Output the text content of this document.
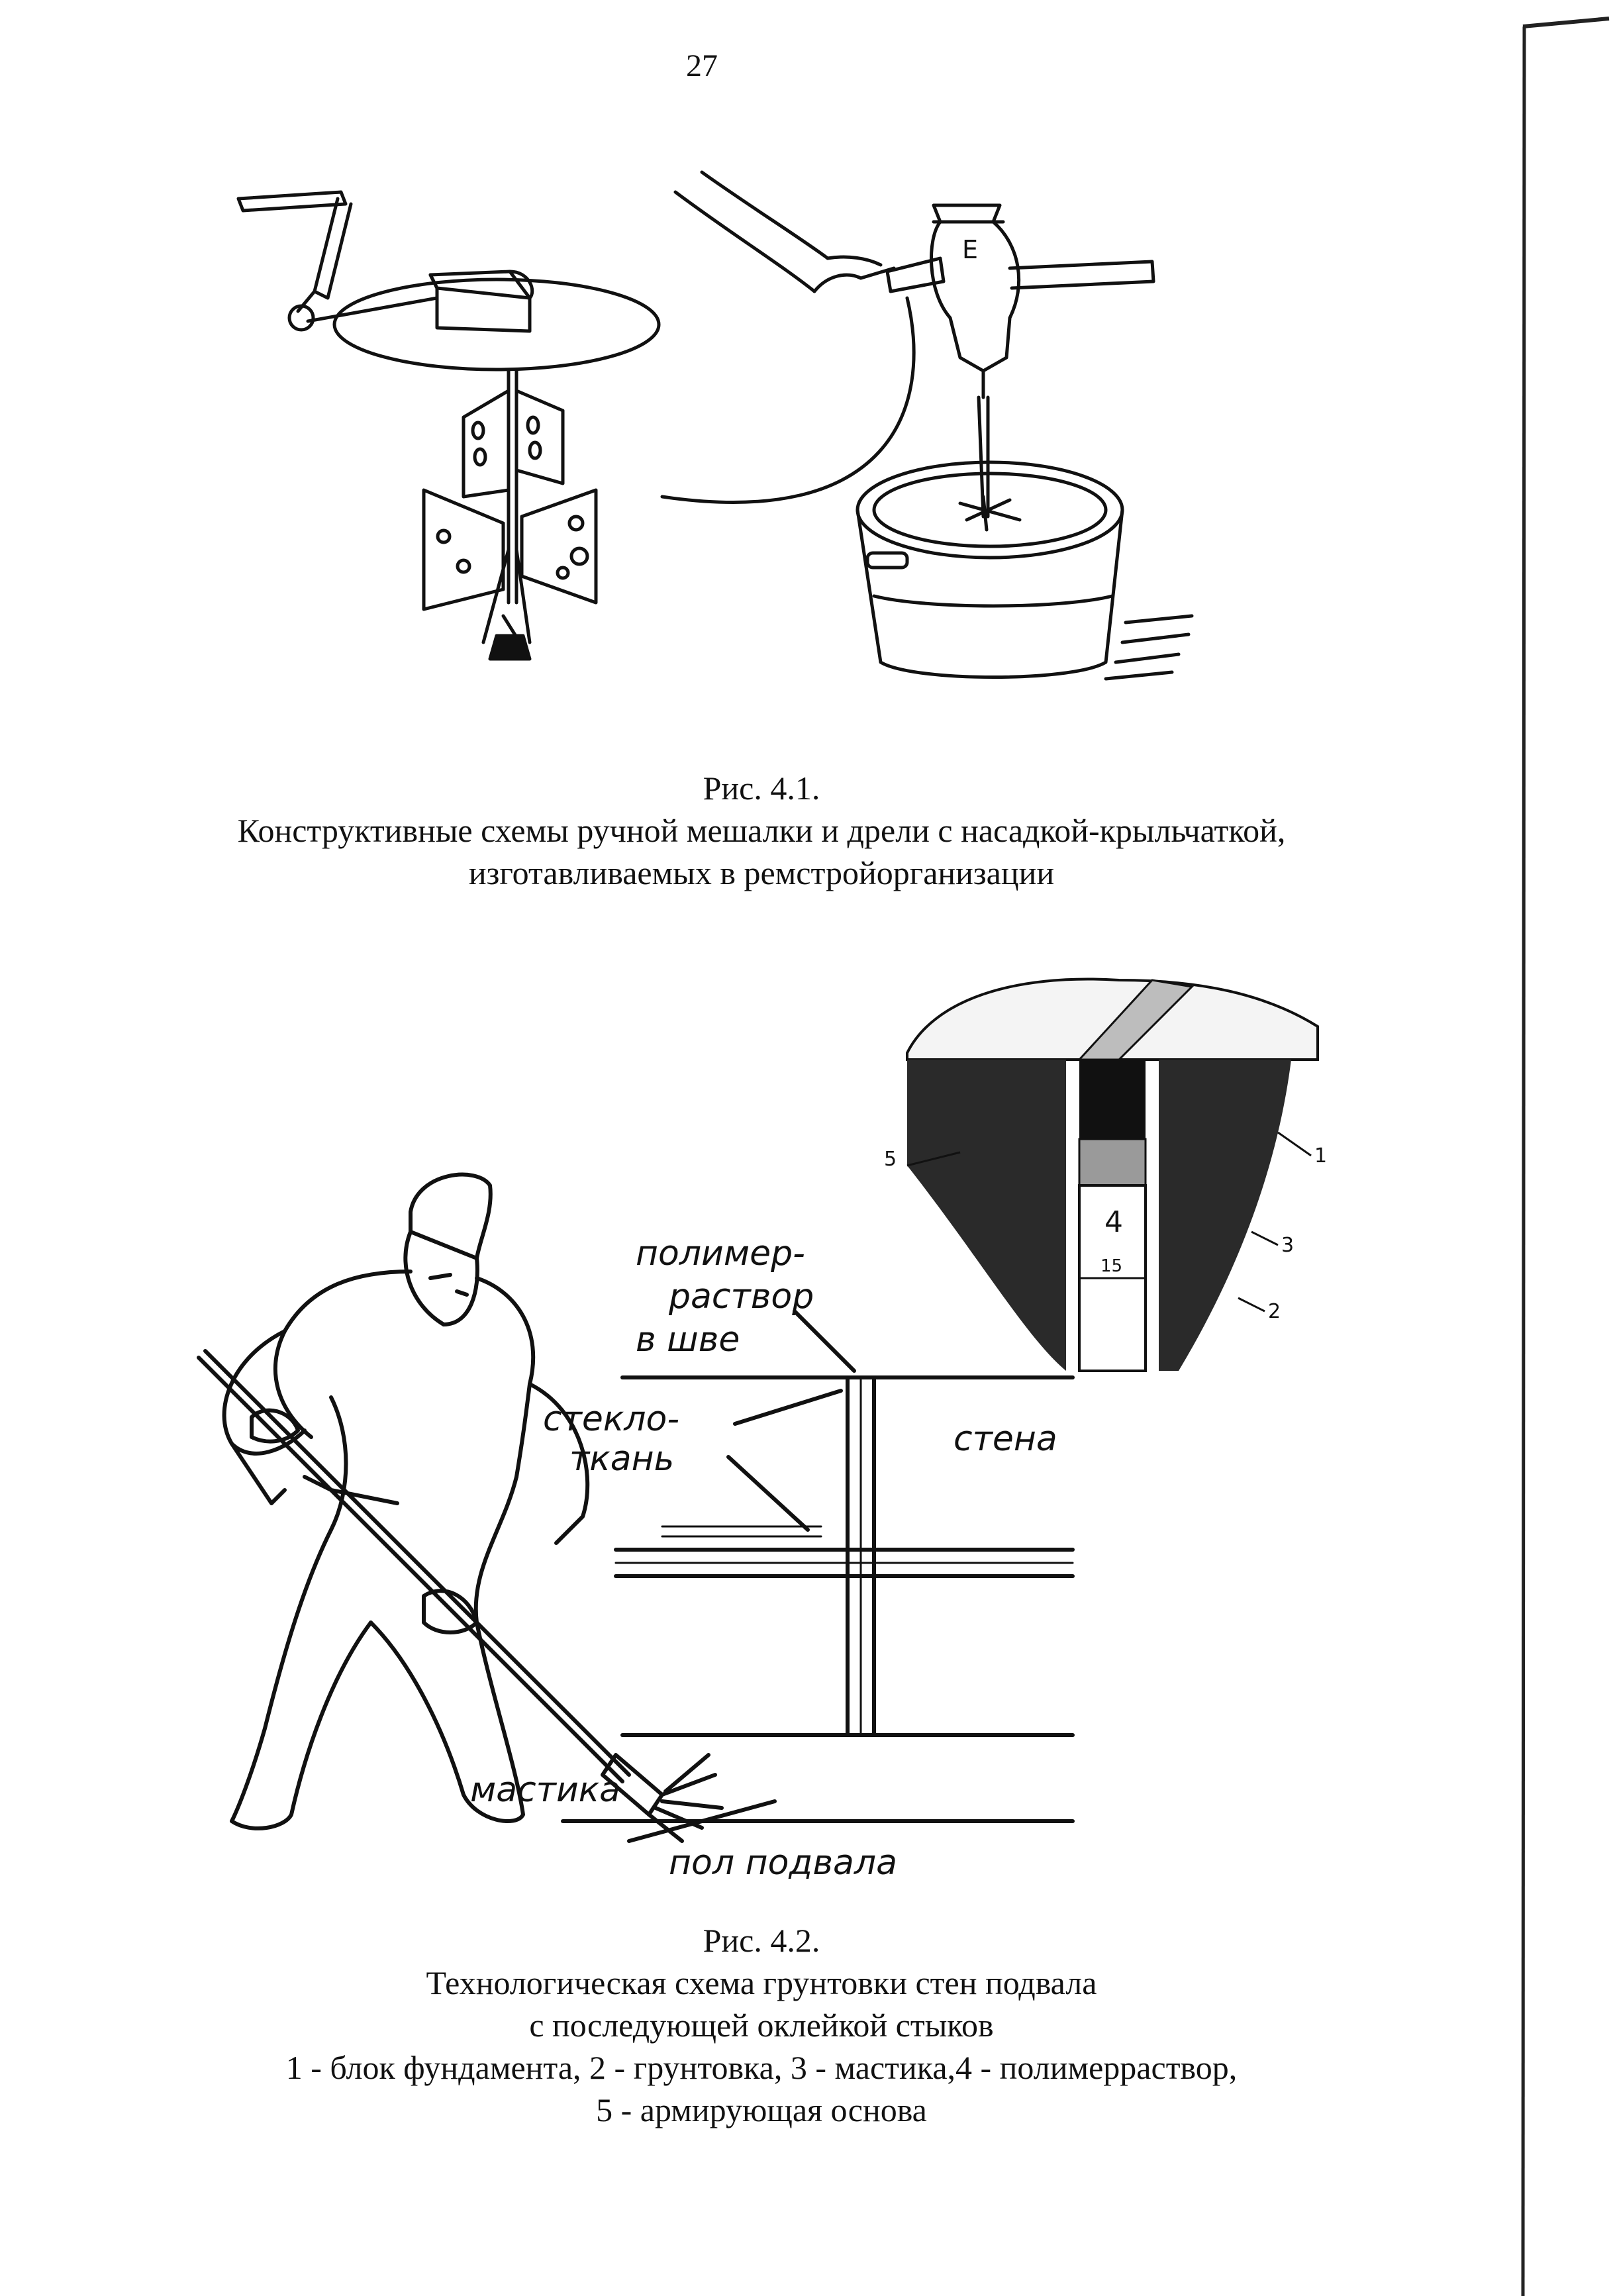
27
Е
Рис. 4.1.
Конструктивные схемы ручной мешалки и дрели с насадкой-крыльчаткой,
изготавливаемых в ремстройорганизации
полимер-
раствор
в шве
стекло-
ткань	стена
мастика
пол подвала
5	1
3
2
4
15
Рис. 4.2.
Технологическая схема грунтовки стен подвала
с последующей оклейкой стыков
1 - блок фундамента, 2 - грунтовка, 3 - мастика,4 - полимерраствор,
5 - армирующая основа
